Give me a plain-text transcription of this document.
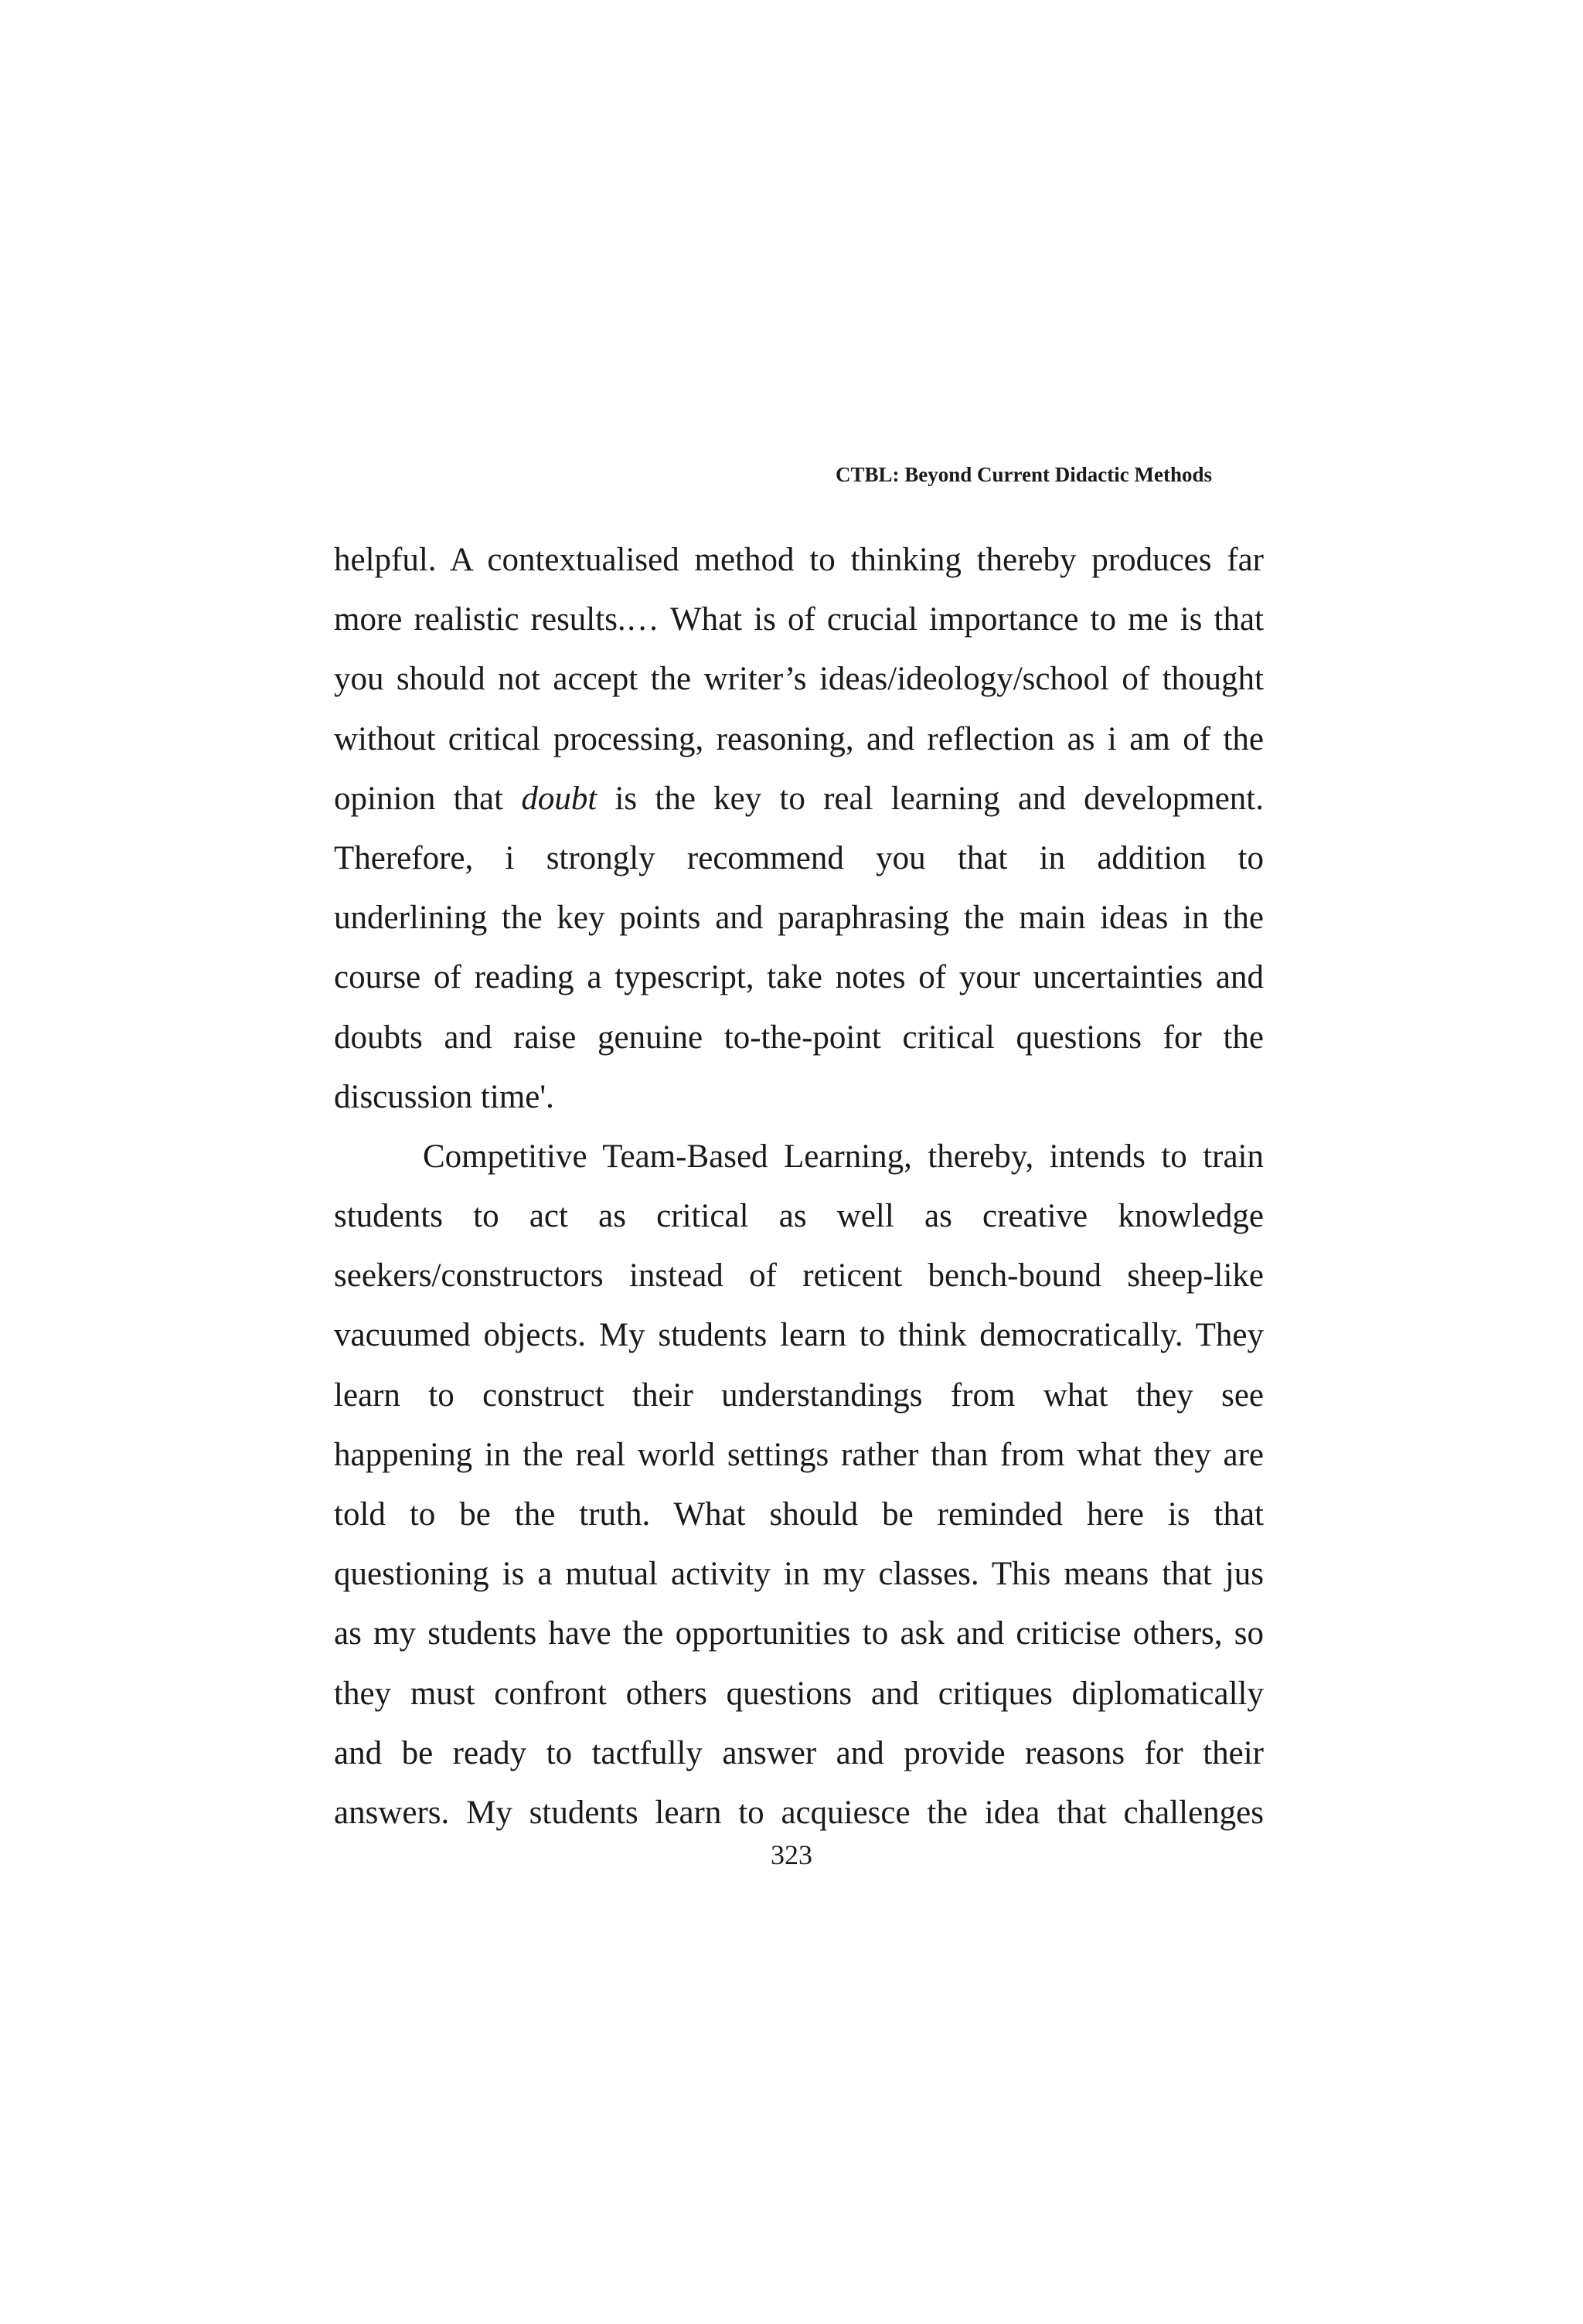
CTBL: Beyond Current Didactic Methods
helpful. A contextualised method to thinking thereby produces far
more realistic results.… What is of crucial importance to me is that
you should not accept the writer’s ideas/ideology/school of thought
without critical processing, reasoning, and reflection as i am of the
opinion that doubt is the key to real learning and development.
Therefore, i strongly recommend you that in addition to
underlining the key points and paraphrasing the main ideas in the
course of reading a typescript, take notes of your uncertainties and
doubts and raise genuine to-the-point critical questions for the
discussion time'.
Competitive Team-Based Learning, thereby, intends to train
students to act as critical as well as creative knowledge
seekers/constructors instead of reticent bench-bound sheep-like
vacuumed objects. My students learn to think democratically. They
learn to construct their understandings from what they see
happening in the real world settings rather than from what they are
told to be the truth. What should be reminded here is that
questioning is a mutual activity in my classes. This means that jus
as my students have the opportunities to ask and criticise others, so
they must confront others questions and critiques diplomatically
and be ready to tactfully answer and provide reasons for their
answers. My students learn to acquiesce the idea that challenges
323
